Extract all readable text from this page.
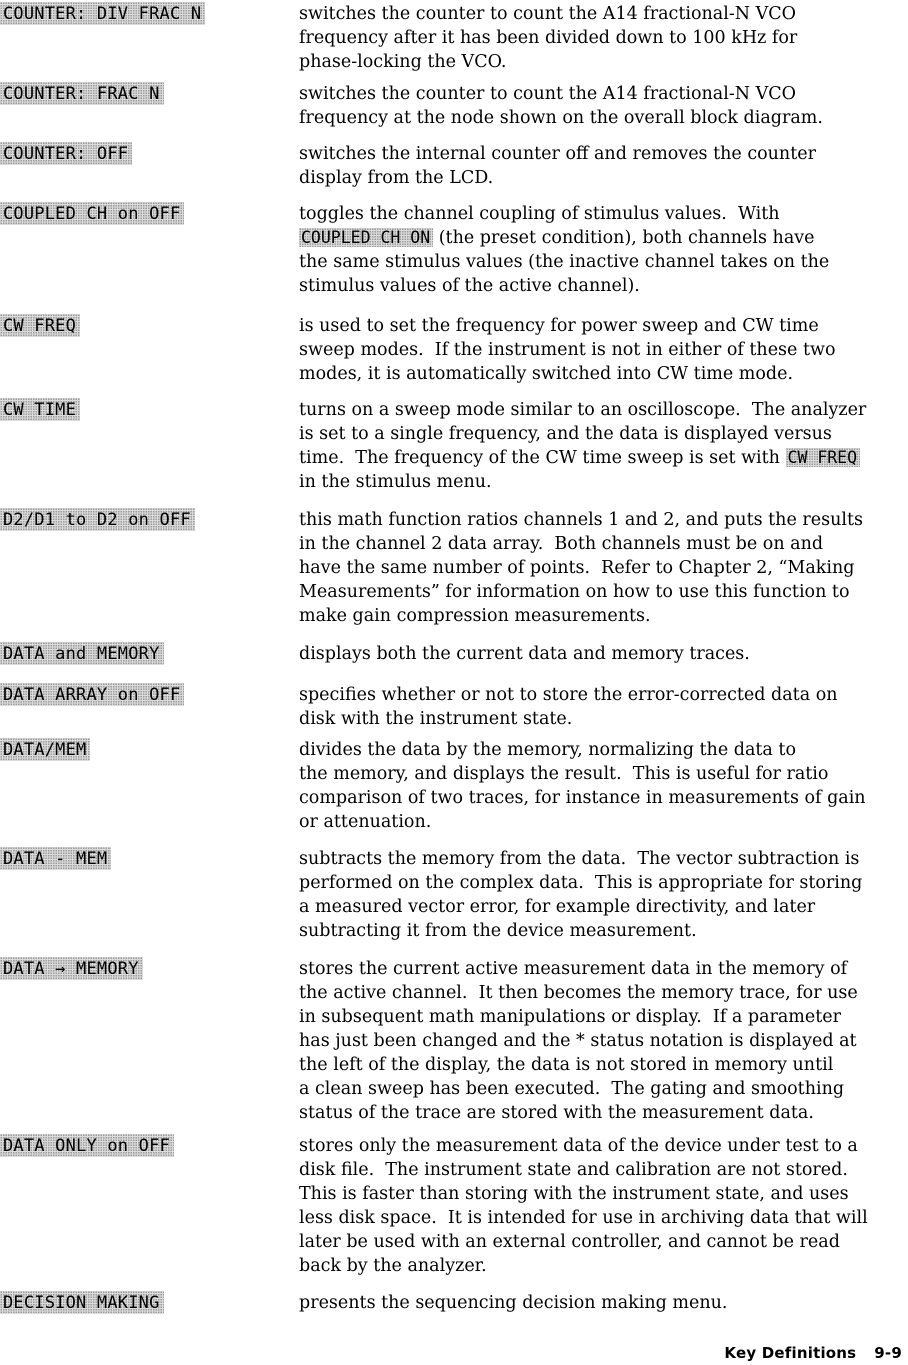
COUNTER: DIV FRAC N	switches the counter to count the A14 fractional-N VCO
frequency after it has been divided down to 100 kHz for
phase-locking the VCO.
COUNTER: FRAC N	switches the counter to count the A14 fractional-N VCO
frequency at the node shown on the overall block diagram.
COUNTER: OFF	switches the internal counter off and removes the counter
display from the LCD.
COUPLED CH on OFF	toggles the channel coupling of stimulus values.  With
COUPLED CH ON (the preset condition), both channels have
the same stimulus values (the inactive channel takes on the
stimulus values of the active channel).
CW FREQ	is used to set the frequency for power sweep and CW time
sweep modes.  If the instrument is not in either of these two
modes, it is automatically switched into CW time mode.
CW TIME	turns on a sweep mode similar to an oscilloscope.  The analyzer
is set to a single frequency, and the data is displayed versus
time.  The frequency of the CW time sweep is set with CW FREQ
in the stimulus menu.
D2/D1 to D2 on OFF	this math function ratios channels 1 and 2, and puts the results
in the channel 2 data array.  Both channels must be on and
have the same number of points.  Refer to Chapter 2, “Making
Measurements” for information on how to use this function to
make gain compression measurements.
DATA and MEMORY	displays both the current data and memory traces.
DATA ARRAY on OFF	specifies whether or not to store the error-corrected data on
disk with the instrument state.
DATA/MEM	divides the data by the memory, normalizing the data to
the memory, and displays the result.  This is useful for ratio
comparison of two traces, for instance in measurements of gain
or attenuation.
DATA - MEM	subtracts the memory from the data.  The vector subtraction is
performed on the complex data.  This is appropriate for storing
a measured vector error, for example directivity, and later
subtracting it from the device measurement.
DATA → MEMORY	stores the current active measurement data in the memory of
the active channel.  It then becomes the memory trace, for use
in subsequent math manipulations or display.  If a parameter
has just been changed and the * status notation is displayed at
the left of the display, the data is not stored in memory until
a clean sweep has been executed.  The gating and smoothing
status of the trace are stored with the measurement data.
DATA ONLY on OFF	stores only the measurement data of the device under test to a
disk file.  The instrument state and calibration are not stored.
This is faster than storing with the instrument state, and uses
less disk space.  It is intended for use in archiving data that will
later be used with an external controller, and cannot be read
back by the analyzer.
DECISION MAKING	presents the sequencing decision making menu.
Key Definitions 9-9
